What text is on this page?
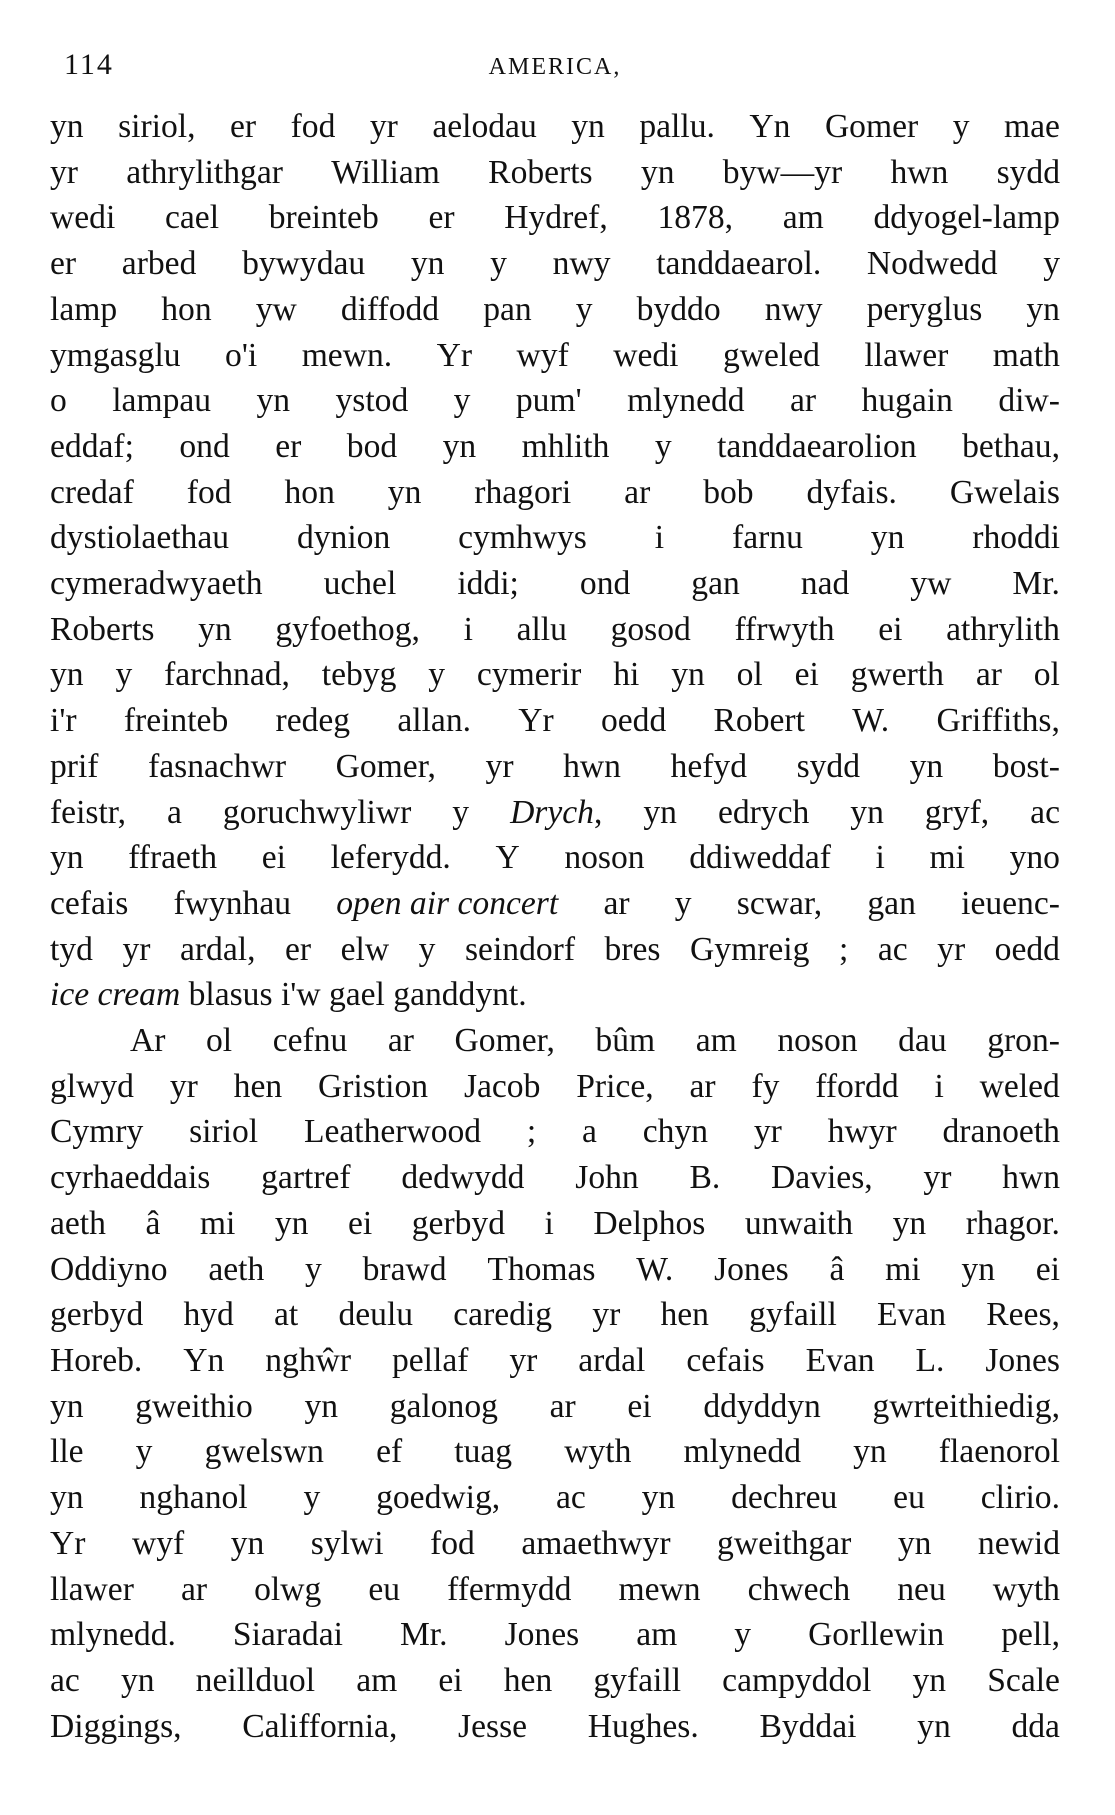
114	AMERICA,
yn siriol, er fod yr aelodau yn pallu. Yn Gomer y mae
yr athrylithgar William Roberts yn byw—yr hwn sydd
wedi cael breinteb er Hydref, 1878, am ddyogel-lamp
er arbed bywydau yn y nwy tanddaearol. Nodwedd y
lamp hon yw diffodd pan y byddo nwy peryglus yn
ymgasglu o'i mewn. Yr wyf wedi gweled llawer math
o lampau yn ystod y pum' mlynedd ar hugain diw-
eddaf; ond er bod yn mhlith y tanddaearolion bethau,
credaf fod hon yn rhagori ar bob dyfais. Gwelais
dystiolaethau dynion cymhwys i farnu yn rhoddi
cymeradwyaeth uchel iddi; ond gan nad yw Mr.
Roberts yn gyfoethog, i allu gosod ffrwyth ei athrylith
yn y farchnad, tebyg y cymerir hi yn ol ei gwerth ar ol
i'r freinteb redeg allan. Yr oedd Robert W. Griffiths,
prif fasnachwr Gomer, yr hwn hefyd sydd yn bost-
feistr, a goruchwyliwr y Drych, yn edrych yn gryf, ac
yn ffraeth ei leferydd. Y noson ddiweddaf i mi yno
cefais fwynhau open air concert ar y scwar, gan ieuenc-
tyd yr ardal, er elw y seindorf bres Gymreig ; ac yr oedd
ice cream blasus i'w gael ganddynt.
Ar ol cefnu ar Gomer, bûm am noson dau gron-
glwyd yr hen Gristion Jacob Price, ar fy ffordd i weled
Cymry siriol Leatherwood ; a chyn yr hwyr dranoeth
cyrhaeddais gartref dedwydd John B. Davies, yr hwn
aeth â mi yn ei gerbyd i Delphos unwaith yn rhagor.
Oddiyno aeth y brawd Thomas W. Jones â mi yn ei
gerbyd hyd at deulu caredig yr hen gyfaill Evan Rees,
Horeb. Yn nghŵr pellaf yr ardal cefais Evan L. Jones
yn gweithio yn galonog ar ei ddyddyn gwrteithiedig,
lle y gwelswn ef tuag wyth mlynedd yn flaenorol
yn nghanol y goedwig, ac yn dechreu eu clirio.
Yr wyf yn sylwi fod amaethwyr gweithgar yn newid
llawer ar olwg eu ffermydd mewn chwech neu wyth
mlynedd. Siaradai Mr. Jones am y Gorllewin pell,
ac yn neillduol am ei hen gyfaill campyddol yn Scale
Diggings, Califfornia, Jesse Hughes. Byddai yn dda
